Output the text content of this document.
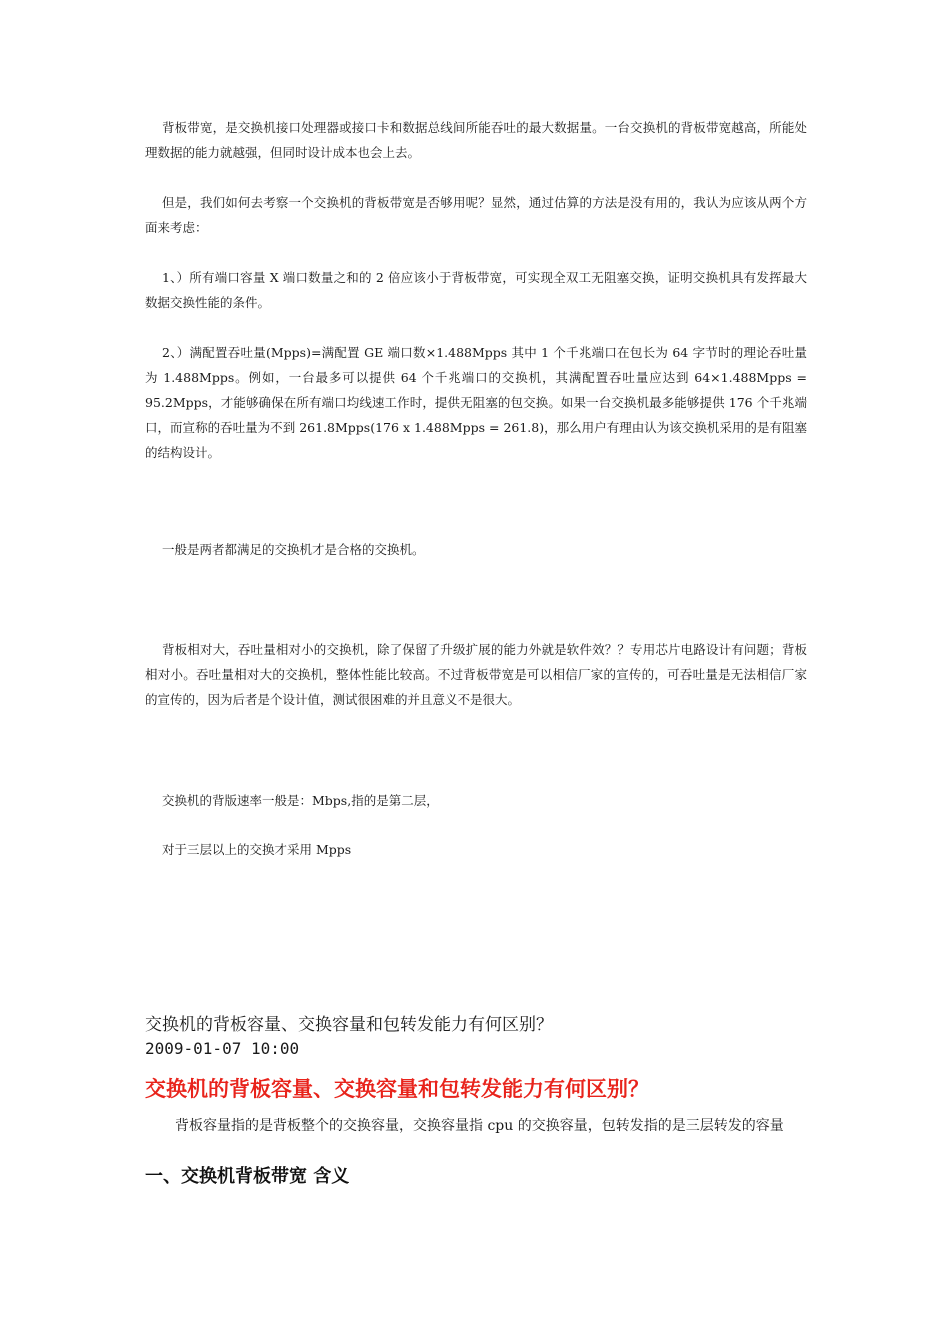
背板带宽，是交换机接口处理器或接口卡和数据总线间所能吞吐的最大数据量。一台交换机的背板带宽越高，所能处理数据的能力就越强，但同时设计成本也会上去。

但是，我们如何去考察一个交换机的背板带宽是否够用呢？显然，通过估算的方法是没有用的，我认为应该从两个方面来考虑：

1、）所有端口容量 X 端口数量之和的 2 倍应该小于背板带宽，可实现全双工无阻塞交换，证明交换机具有发挥最大数据交换性能的条件。

2、）满配置吞吐量(Mpps)=满配置 GE 端口数×1.488Mpps 其中 1 个千兆端口在包长为 64 字节时的理论吞吐量为 1.488Mpps。例如，一台最多可以提供 64 个千兆端口的交换机，其满配置吞吐量应达到 64×1.488Mpps = 95.2Mpps，才能够确保在所有端口均线速工作时，提供无阻塞的包交换。如果一台交换机最多能够提供 176 个千兆端口，而宣称的吞吐量为不到 261.8Mpps(176 x 1.488Mpps = 261.8)，那么用户有理由认为该交换机采用的是有阻塞的结构设计。

一般是两者都满足的交换机才是合格的交换机。

背板相对大，吞吐量相对小的交换机，除了保留了升级扩展的能力外就是软件效？？专用芯片电路设计有问题；背板相对小。吞吐量相对大的交换机，整体性能比较高。不过背板带宽是可以相信厂家的宣传的，可吞吐量是无法相信厂家的宣传的，因为后者是个设计值，测试很困难的并且意义不是很大。

交换机的背版速率一般是：Mbps,指的是第二层，

对于三层以上的交换才采用 Mpps

交换机的背板容量、交换容量和包转发能力有何区别？

2009-01-07 10:00

交换机的背板容量、交换容量和包转发能力有何区别？

背板容量指的是背板整个的交换容量，交换容量指 cpu 的交换容量，包转发指的是三层转发的容量

一、交换机背板带宽 含义
